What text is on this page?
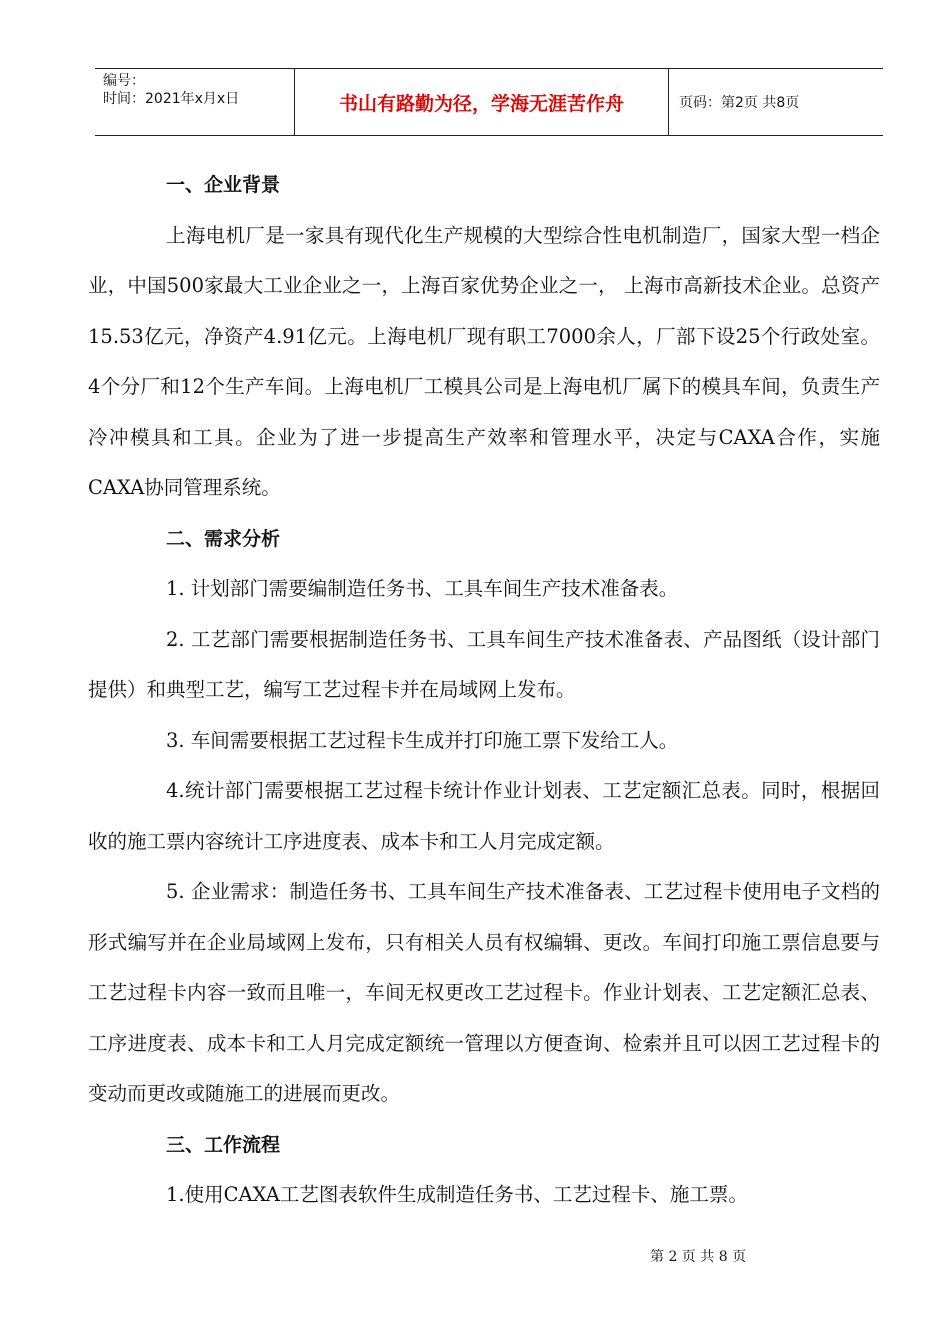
编号：
时间：2021年x月x日	书山有路勤为径，学海无涯苦作舟	页码：第2页 共8页

一、企业背景

上海电机厂是一家具有现代化生产规模的大型综合性电机制造厂，国家大型一档企业，中国500家最大工业企业之一，上海百家优势企业之一， 上海市高新技术企业。总资产15.53亿元，净资产4.91亿元。上海电机厂现有职工7000余人，厂部下设25个行政处室。 4个分厂和12个生产车间。上海电机厂工模具公司是上海电机厂属下的模具车间，负责生产冷冲模具和工具。企业为了进一步提高生产效率和管理水平，决定与CAXA合作，实施CAXA协同管理系统。

二、需求分析

1. 计划部门需要编制造任务书、工具车间生产技术准备表。

2. 工艺部门需要根据制造任务书、工具车间生产技术准备表、产品图纸（设计部门提供）和典型工艺，编写工艺过程卡并在局域网上发布。

3. 车间需要根据工艺过程卡生成并打印施工票下发给工人。

4.统计部门需要根据工艺过程卡统计作业计划表、工艺定额汇总表。同时，根据回收的施工票内容统计工序进度表、成本卡和工人月完成定额。

5. 企业需求：制造任务书、工具车间生产技术准备表、工艺过程卡使用电子文档的形式编写并在企业局域网上发布，只有相关人员有权编辑、更改。车间打印施工票信息要与工艺过程卡内容一致而且唯一，车间无权更改工艺过程卡。作业计划表、工艺定额汇总表、工序进度表、成本卡和工人月完成定额统一管理以方便查询、检索并且可以因工艺过程卡的变动而更改或随施工的进展而更改。

三、工作流程

1.使用CAXA工艺图表软件生成制造任务书、工艺过程卡、施工票。

第 2 页 共 8 页
